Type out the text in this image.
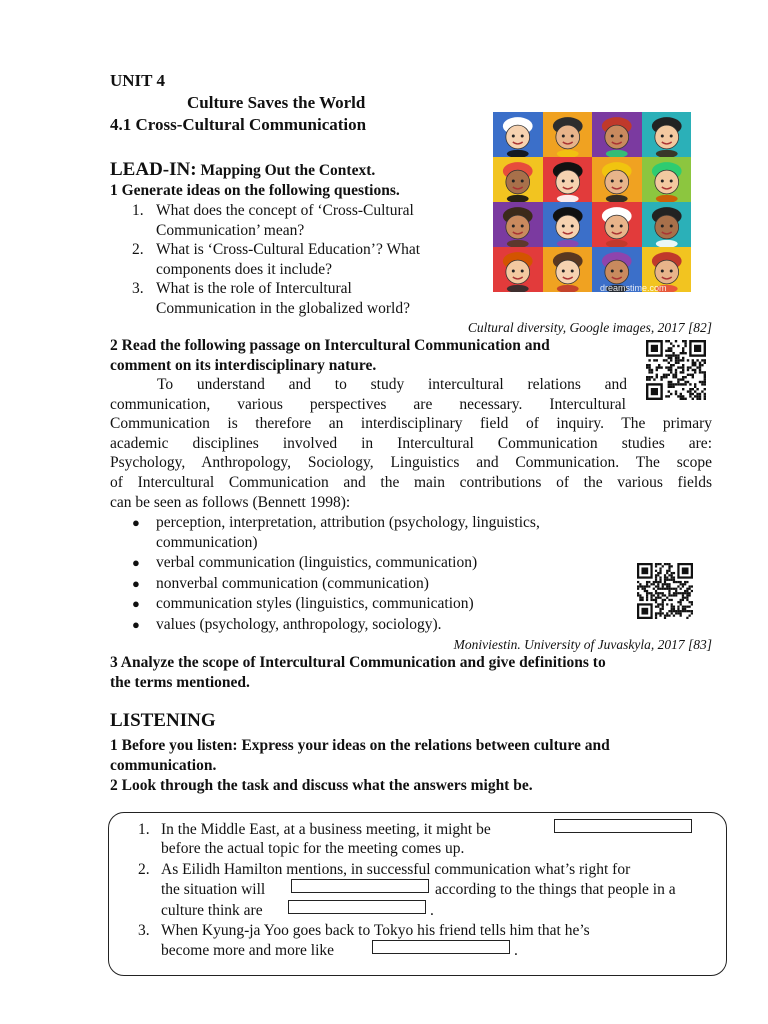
UNIT 4
Culture Saves the World
4.1 Cross-Cultural Communication
LEAD-IN: Mapping Out the Context.
1 Generate ideas on the following questions.
1. What does the concept of ‘Cross-Cultural
Communication’ mean?
2. What is ‘Cross-Cultural Education’? What
components does it include?
3. What is the role of Intercultural
Communication in the globalized world?
dreamstime.com
Cultural diversity, Google images, 2017 [82]
2 Read the following passage on Intercultural Communication and
comment on its interdisciplinary nature.
To understand and to study intercultural relations and
communication, various perspectives are necessary. Intercultural
Communication is therefore an interdisciplinary field of inquiry. The primary
academic disciplines involved in Intercultural Communication studies are:
Psychology, Anthropology, Sociology, Linguistics and Communication. The scope
of Intercultural Communication and the main contributions of the various fields
can be seen as follows (Bennett 1998):
● perception, interpretation, attribution (psychology, linguistics,
communication)
● verbal communication (linguistics, communication)
● nonverbal communication (communication)
● communication styles (linguistics, communication)
● values (psychology, anthropology, sociology).
Moniviestin. University of Juvaskyla, 2017 [83]
3 Analyze the scope of Intercultural Communication and give definitions to
the terms mentioned.
LISTENING
1 Before you listen: Express your ideas on the relations between culture and
communication.
2 Look through the task and discuss what the answers might be.
1. In the Middle East, at a business meeting, it might be
before the actual topic for the meeting comes up.
2. As Eilidh Hamilton mentions, in successful communication what’s right for
the situation will	according to the things that people in a
culture think are	.
3. When Kyung-ja Yoo goes back to Tokyo his friend tells him that he’s
become more and more like	.
